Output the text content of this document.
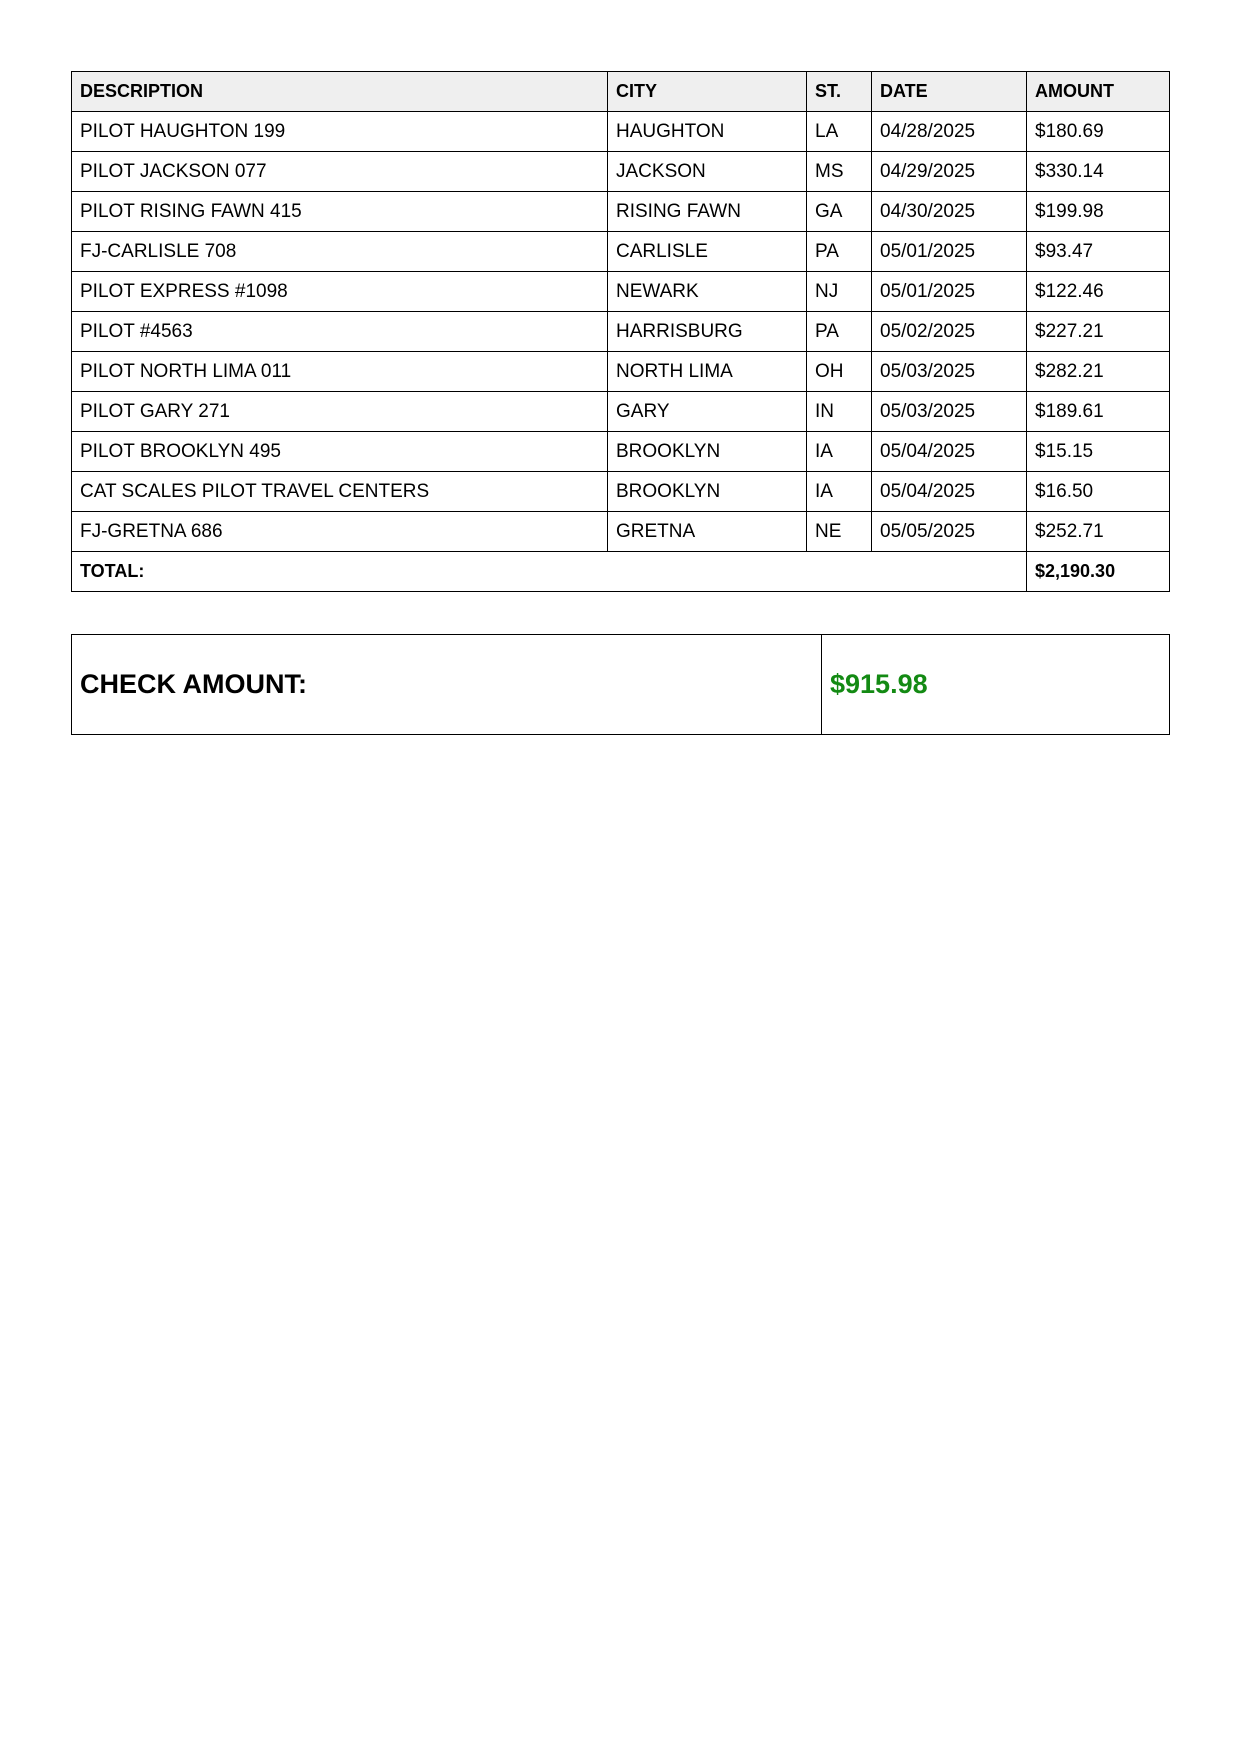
DESCRIPTION	CITY	ST.	DATE	AMOUNT
PILOT HAUGHTON 199	HAUGHTON	LA	04/28/2025	$180.69
PILOT JACKSON 077	JACKSON	MS	04/29/2025	$330.14
PILOT RISING FAWN 415	RISING FAWN	GA	04/30/2025	$199.98
FJ-CARLISLE 708	CARLISLE	PA	05/01/2025	$93.47
PILOT EXPRESS #1098	NEWARK	NJ	05/01/2025	$122.46
PILOT #4563	HARRISBURG	PA	05/02/2025	$227.21
PILOT NORTH LIMA 011	NORTH LIMA	OH	05/03/2025	$282.21
PILOT GARY 271	GARY	IN	05/03/2025	$189.61
PILOT BROOKLYN 495	BROOKLYN	IA	05/04/2025	$15.15
CAT SCALES PILOT TRAVEL CENTERS	BROOKLYN	IA	05/04/2025	$16.50
FJ-GRETNA 686	GRETNA	NE	05/05/2025	$252.71
TOTAL:				$2,190.30
CHECK AMOUNT:	$915.98
